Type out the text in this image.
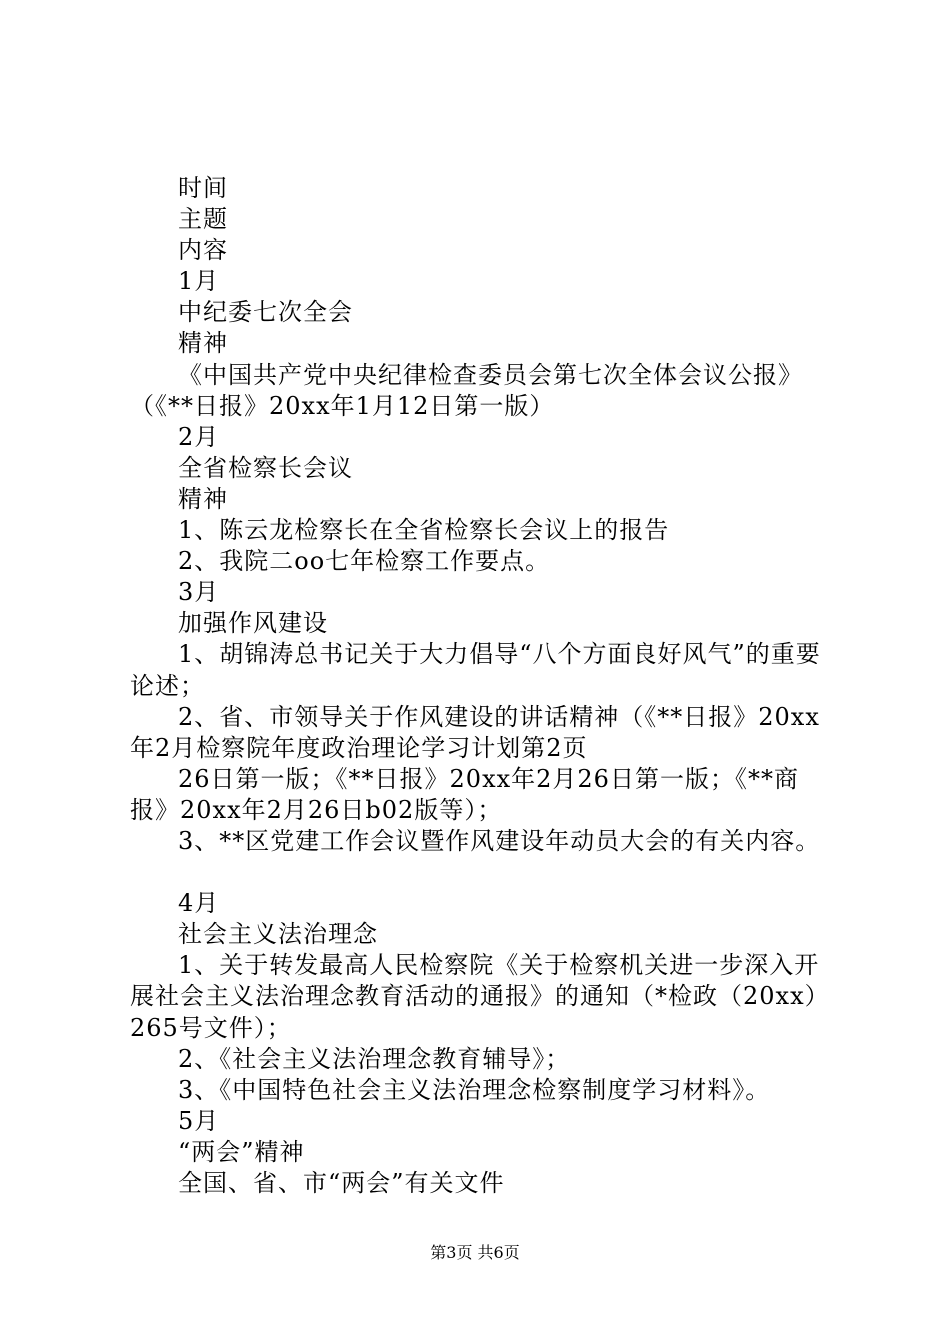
时间

主题

内容

1月

中纪委七次全会

精神

《中国共产党中央纪律检查委员会第七次全体会议公报》

（《**日报》20xx年1月12日第一版）

2月

全省检察长会议

精神

1、陈云龙检察长在全省检察长会议上的报告

2、我院二oo七年检察工作要点。

3月

加强作风建设

1、胡锦涛总书记关于大力倡导“八个方面良好风气”的重要论述；

2、省、市领导关于作风建设的讲话精神（《**日报》20xx年2月检察院年度政治理论学习计划第2页

26日第一版；《**日报》20xx年2月26日第一版；《**商报》20xx年2月26日b02版等）；

3、**区党建工作会议暨作风建设年动员大会的有关内容。

4月

社会主义法治理念

1、关于转发最高人民检察院《关于检察机关进一步深入开展社会主义法治理念教育活动的通报》的通知（*检政（20xx）265号文件）；

2、《社会主义法治理念教育辅导》；

3、《中国特色社会主义法治理念检察制度学习材料》。

5月

“两会”精神

全国、省、市“两会”有关文件

第3页 共6页
